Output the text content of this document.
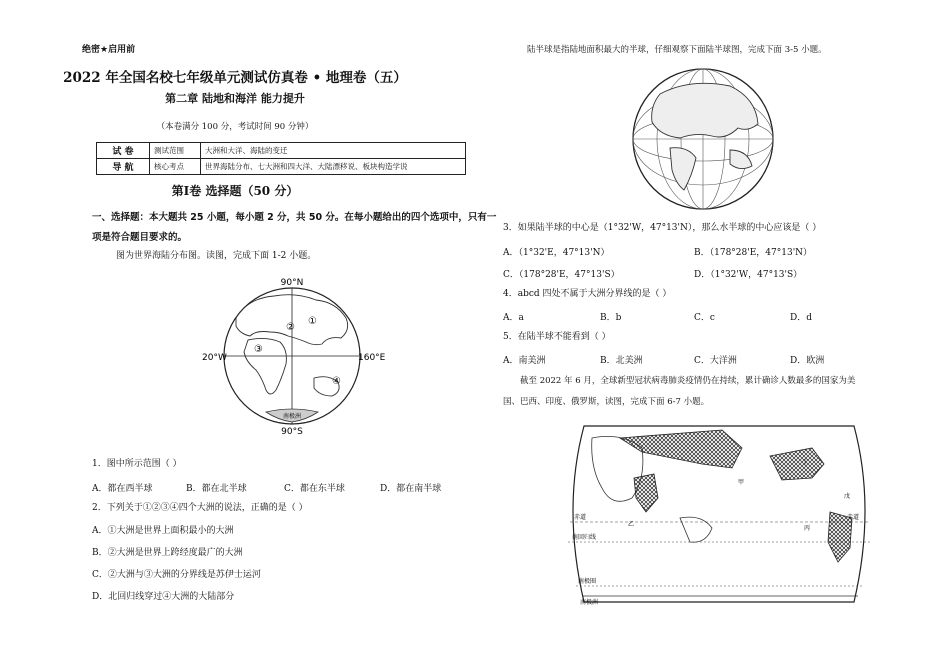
绝密★启用前
2022 年全国名校七年级单元测试仿真卷 • 地理卷（五）
第二章 陆地和海洋 能力提升
（本卷满分 100 分，考试时间 90 分钟）
试 卷	测试范围	大洲和大洋、海陆的变迁
导 航	核心考点	世界海陆分布、七大洲和四大洋、大陆漂移说、板块构造学说
第Ⅰ卷 选择题（50 分）
一、选择题：本大题共 25 小题，每小题 2 分，共 50 分。在每小题给出的四个选项中，只有一
项是符合题目要求的。
图为世界海陆分布图。读图，完成下面 1-2 小题。
90°N
90°S
20°W	160°E
南极洲
①
②
③
④
1．图中所示范围（ ）
A．都在西半球	B．都在北半球	C．都在东半球	D．都在南半球
2．下列关于①②③④四个大洲的说法，正确的是（ ）
A．①大洲是世界上面积最小的大洲
B．②大洲是世界上跨经度最广的大洲
C．②大洲与③大洲的分界线是苏伊士运河
D．北回归线穿过④大洲的大陆部分
陆半球是指陆地面积最大的半球，仔细观察下面陆半球图，完成下面 3-5 小题。
3．如果陆半球的中心是（1°32'W，47°13'N），那么水半球的中心应该是（ ）
A．（1°32'E，47°13'N）	B．（178°28'E，47°13'N）
C．（178°28'E，47°13'S）	D．（1°32'W，47°13'S）
4．abcd 四处不属于大洲分界线的是（ ）
A．a	B．b	C．c	D．d
5．在陆半球不能看到（ ）
A．南美洲	B．北美洲	C．大洋洲	D．欧洲
截至 2022 年 6 月，全球新型冠状病毒肺炎疫情仍在持续，累计确诊人数最多的国家为美
国、巴西、印度、俄罗斯，读图，完成下面 6-7 小题。
赤道	赤道
南回归线
南极圈
南极洲
甲
乙
丙
丁
戊
